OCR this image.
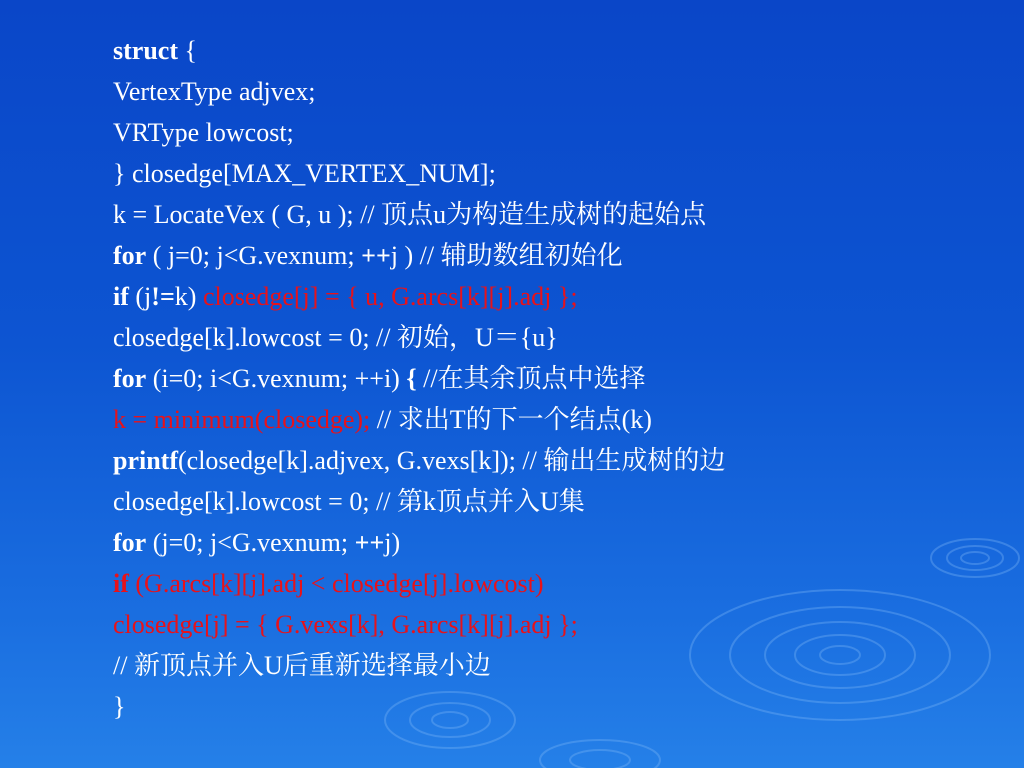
struct {
VertexType adjvex;
VRType lowcost;
} closedge[MAX_VERTEX_NUM];
k = LocateVex ( G, u ); // 顶点u为构造生成树的起始点
for ( j=0; j<G.vexnum; ++j ) // 辅助数组初始化
if (j!=k) closedge[j] = { u, G.arcs[k][j].adj };
closedge[k].lowcost = 0; // 初始，U＝{u}
for (i=0; i<G.vexnum; ++i) { //在其余顶点中选择
k = minimum(closedge); // 求出T的下一个结点(k)
printf(closedge[k].adjvex, G.vexs[k]); // 输出生成树的边
closedge[k].lowcost = 0; // 第k顶点并入U集
for (j=0; j<G.vexnum; ++j)
if (G.arcs[k][j].adj < closedge[j].lowcost)
closedge[j] = { G.vexs[k], G.arcs[k][j].adj };
// 新顶点并入U后重新选择最小边
}
